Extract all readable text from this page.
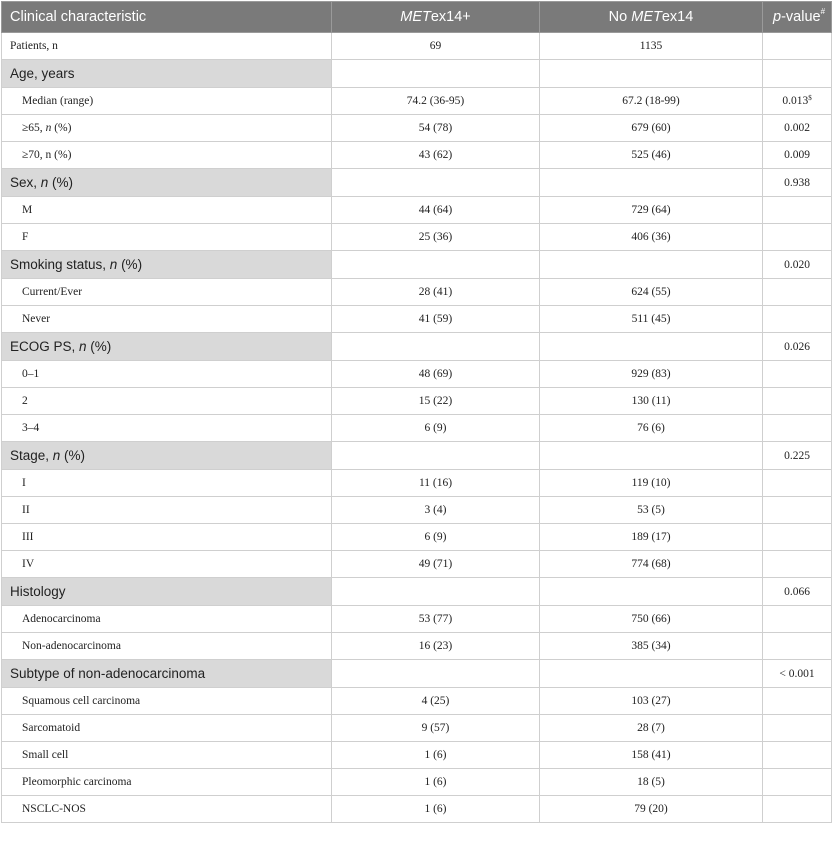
Clinical characteristic	METex14+	No METex14	p-value#
Patients, n	69	1135	
Age, years			
Median (range)	74.2 (36-95)	67.2 (18-99)	0.013$
≥65, n (%)	54 (78)	679 (60)	0.002
≥70, n (%)	43 (62)	525 (46)	0.009
Sex, n (%)			0.938
M	44 (64)	729 (64)	
F	25 (36)	406 (36)	
Smoking status, n (%)			0.020
Current/Ever	28 (41)	624 (55)	
Never	41 (59)	511 (45)	
ECOG PS, n (%)			0.026
0–1	48 (69)	929 (83)	
2	15 (22)	130 (11)	
3–4	6 (9)	76 (6)	
Stage, n (%)			0.225
I	11 (16)	119 (10)	
II	3 (4)	53 (5)	
III	6 (9)	189 (17)	
IV	49 (71)	774 (68)	
Histology			0.066
Adenocarcinoma	53 (77)	750 (66)	
Non-adenocarcinoma	16 (23)	385 (34)	
Subtype of non-adenocarcinoma			< 0.001
Squamous cell carcinoma	4 (25)	103 (27)	
Sarcomatoid	9 (57)	28 (7)	
Small cell	1 (6)	158 (41)	
Pleomorphic carcinoma	1 (6)	18 (5)	
NSCLC-NOS	1 (6)	79 (20)	
